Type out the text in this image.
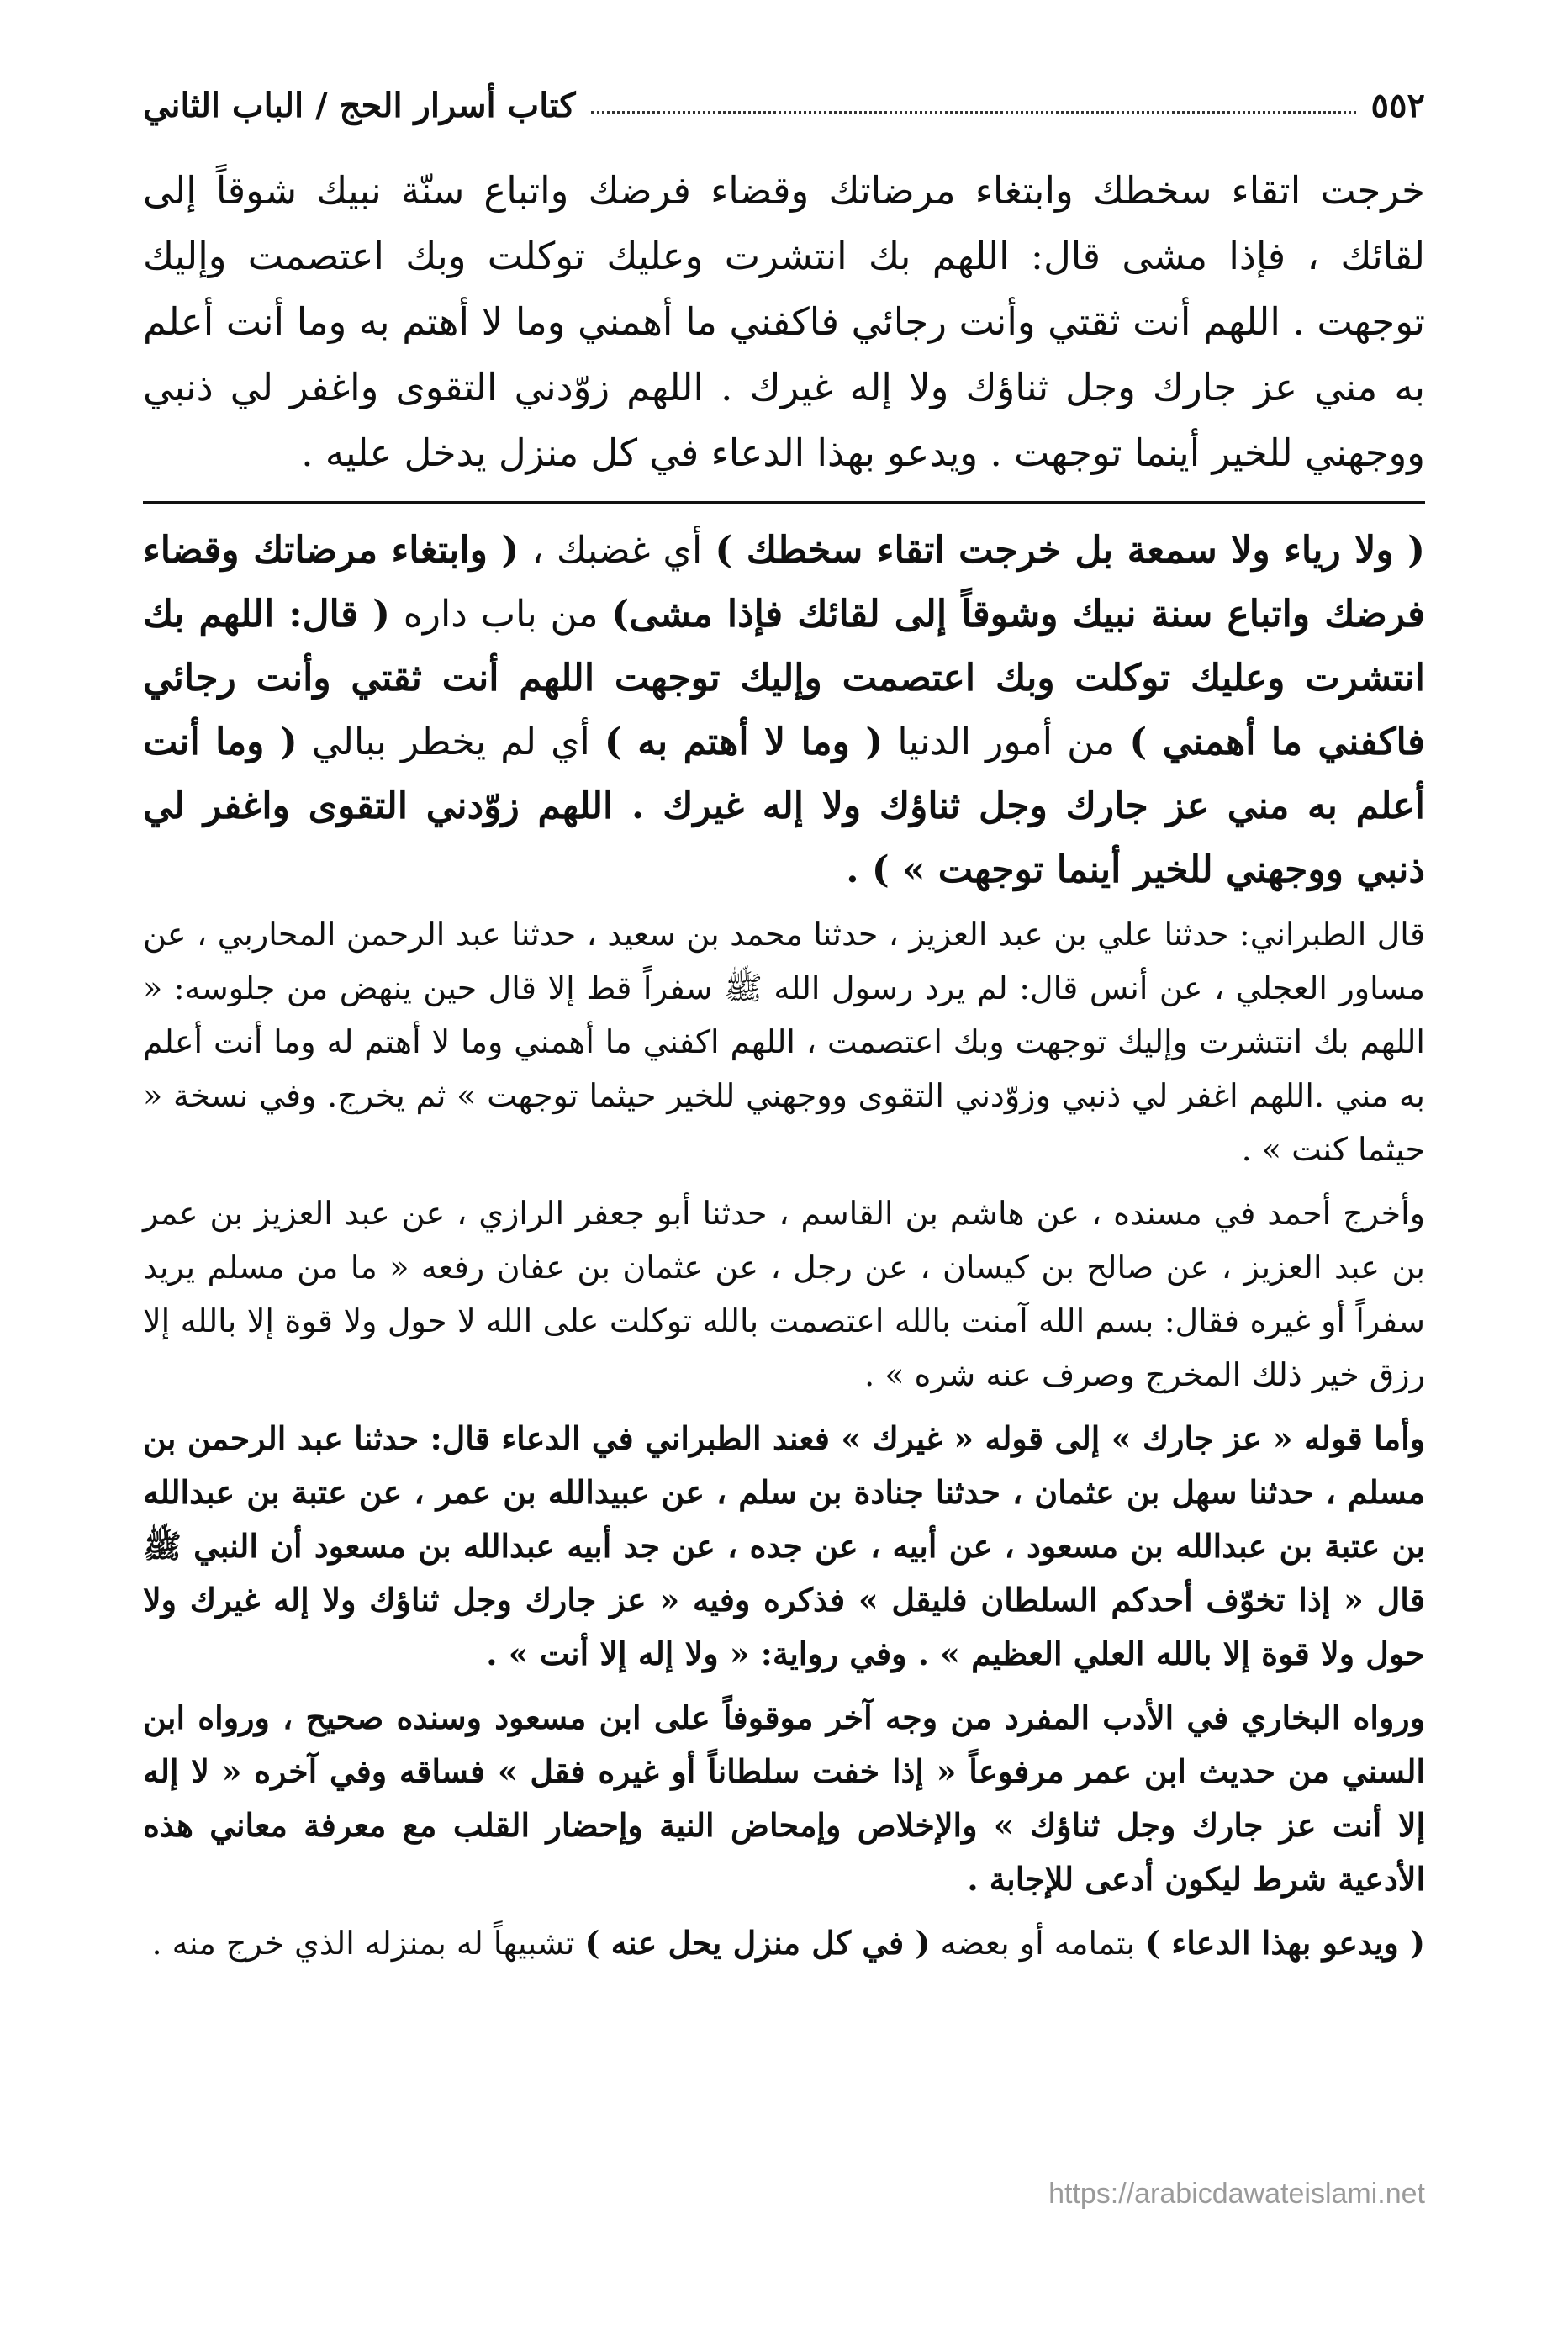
٥٥٢
كتاب أسرار الحج / الباب الثاني
خرجت اتقاء سخطك وابتغاء مرضاتك وقضاء فرضك واتباع سنّة نبيك شوقاً إلى لقائك ، فإذا مشى قال: اللهم بك انتشرت وعليك توكلت وبك اعتصمت وإليك توجهت . اللهم أنت ثقتي وأنت رجائي فاكفني ما أهمني وما لا أهتم به وما أنت أعلم به مني عز جارك وجل ثناؤك ولا إله غيرك . اللهم زوّدني التقوى واغفر لي ذنبي ووجهني للخير أينما توجهت . ويدعو بهذا الدعاء في كل منزل يدخل عليه .
( ولا رياء ولا سمعة بل خرجت اتقاء سخطك ) أي غضبك ، ( وابتغاء مرضاتك وقضاء فرضك واتباع سنة نبيك وشوقاً إلى لقائك فإذا مشى) من باب داره ( قال: اللهم بك انتشرت وعليك توكلت وبك اعتصمت وإليك توجهت اللهم أنت ثقتي وأنت رجائي فاكفني ما أهمني ) من أمور الدنيا ( وما لا أهتم به ) أي لم يخطر ببالي ( وما أنت أعلم به مني عز جارك وجل ثناؤك ولا إله غيرك . اللهم زوّدني التقوى واغفر لي ذنبي ووجهني للخير أينما توجهت » ) .
قال الطبراني: حدثنا علي بن عبد العزيز ، حدثنا محمد بن سعيد ، حدثنا عبد الرحمن المحاربي ، عن مساور العجلي ، عن أنس قال: لم يرد رسول الله ﷺ سفراً قط إلا قال حين ينهض من جلوسه: « اللهم بك انتشرت وإليك توجهت وبك اعتصمت ، اللهم اكفني ما أهمني وما لا أهتم له وما أنت أعلم به مني .اللهم اغفر لي ذنبي وزوّدني التقوى ووجهني للخير حيثما توجهت » ثم يخرج. وفي نسخة « حيثما كنت » .
وأخرج أحمد في مسنده ، عن هاشم بن القاسم ، حدثنا أبو جعفر الرازي ، عن عبد العزيز بن عمر بن عبد العزيز ، عن صالح بن كيسان ، عن رجل ، عن عثمان بن عفان رفعه « ما من مسلم يريد سفراً أو غيره فقال: بسم الله آمنت بالله اعتصمت بالله توكلت على الله لا حول ولا قوة إلا بالله إلا رزق خير ذلك المخرج وصرف عنه شره » .
وأما قوله « عز جارك » إلى قوله « غيرك » فعند الطبراني في الدعاء قال: حدثنا عبد الرحمن بن مسلم ، حدثنا سهل بن عثمان ، حدثنا جنادة بن سلم ، عن عبيدالله بن عمر ، عن عتبة بن عبدالله بن عتبة بن عبدالله بن مسعود ، عن أبيه ، عن جده ، عن جد أبيه عبدالله بن مسعود أن النبي ﷺ قال « إذا تخوّف أحدكم السلطان فليقل » فذكره وفيه « عز جارك وجل ثناؤك ولا إله غيرك ولا حول ولا قوة إلا بالله العلي العظيم » . وفي رواية: « ولا إله إلا أنت » .
ورواه البخاري في الأدب المفرد من وجه آخر موقوفاً على ابن مسعود وسنده صحيح ، ورواه ابن السني من حديث ابن عمر مرفوعاً « إذا خفت سلطاناً أو غيره فقل » فساقه وفي آخره « لا إله إلا أنت عز جارك وجل ثناؤك » والإخلاص وإمحاض النية وإحضار القلب مع معرفة معاني هذه الأدعية شرط ليكون أدعى للإجابة .
( ويدعو بهذا الدعاء ) بتمامه أو بعضه ( في كل منزل يحل عنه ) تشبيهاً له بمنزله الذي خرج منه .
https://arabicdawateislami.net
